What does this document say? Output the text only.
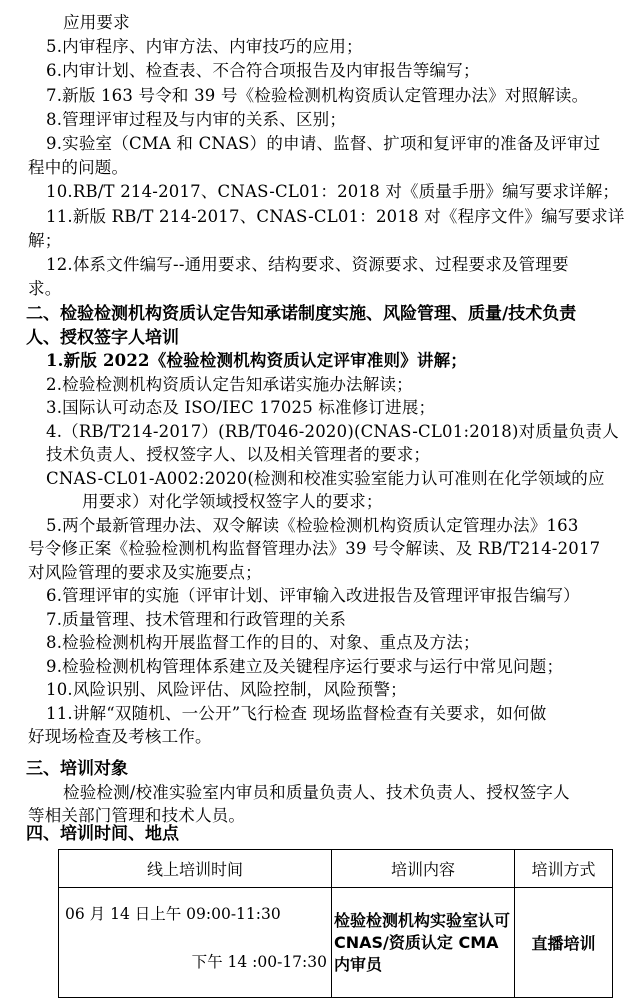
应用要求
5.内审程序、内审方法、内审技巧的应用；
6.内审计划、检查表、不合符合项报告及内审报告等编写；
7.新版 163 号令和 39 号《检验检测机构资质认定管理办法》对照解读。
8.管理评审过程及与内审的关系、区别；
9.实验室（CMA 和 CNAS）的申请、监督、扩项和复评审的准备及评审过
程中的问题。
10.RB/T 214-2017、CNAS-CL01：2018 对《质量手册》编写要求详解；
11.新版 RB/T 214-2017、CNAS-CL01：2018 对《程序文件》编写要求详
解；
12.体系文件编写--通用要求、结构要求、资源要求、过程要求及管理要
求。
二、检验检测机构资质认定告知承诺制度实施、风险管理、质量/技术负责
人、授权签字人培训
1.新版 2022《检验检测机构资质认定评审准则》讲解；
2.检验检测机构资质认定告知承诺实施办法解读；
3.国际认可动态及 ISO/IEC 17025 标准修订进展；
4.（RB/T214-2017）(RB/T046-2020)(CNAS-CL01:2018)对质量负责人
技术负责人、授权签字人、以及相关管理者的要求；
CNAS-CL01-A002:2020(检测和校准实验室能力认可准则在化学领域的应
用要求）对化学领域授权签字人的要求；
5.两个最新管理办法、双令解读《检验检测机构资质认定管理办法》163
号令修正案《检验检测机构监督管理办法》39 号令解读、及 RB/T214-2017
对风险管理的要求及实施要点；
6.管理评审的实施（评审计划、评审输入改进报告及管理评审报告编写）
7.质量管理、技术管理和行政管理的关系
8.检验检测机构开展监督工作的目的、对象、重点及方法；
9.检验检测机构管理体系建立及关键程序运行要求与运行中常见问题；
10.风险识别、风险评估、风险控制，风险预警；
11.讲解“双随机、一公开”飞行检查 现场监督检查有关要求，如何做
好现场检查及考核工作。
三、培训对象
检验检测/校准实验室内审员和质量负责人、技术负责人、授权签字人
等相关部门管理和技术人员。
四、培训时间、地点
线上培训时间	培训内容	培训方式

06 月 14 日上午 09:00-11:30
下午 14 :00-17:30	检验检测机构实验室认可 CNAS/资质认定 CMA 内审员	直播培训
